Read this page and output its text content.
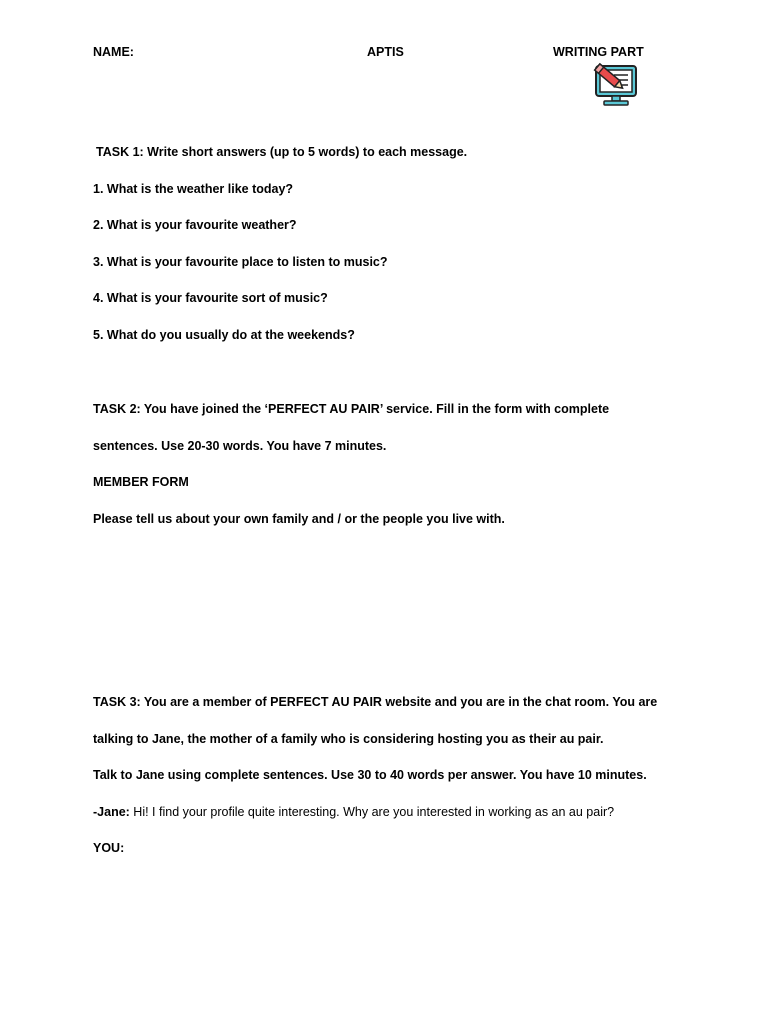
NAME:	APTIS	WRITING PART
TASK 1: Write short answers (up to 5 words) to each message.
1. What is the weather like today?
2. What is your favourite weather?
3. What is your favourite place to listen to music?
4. What is your favourite sort of music?
5. What do you usually do at the weekends?
TASK 2: You have joined the ‘PERFECT AU PAIR’ service. Fill in the form with complete
sentences. Use 20-30 words. You have 7 minutes.
MEMBER FORM
Please tell us about your own family and / or the people you live with.
TASK 3: You are a member of PERFECT AU PAIR website and you are in the chat room. You are
talking to Jane, the mother of a family who is considering hosting you as their au pair.
Talk to Jane using complete sentences. Use 30 to 40 words per answer. You have 10 minutes.
-Jane: Hi! I find your profile quite interesting. Why are you interested in working as an au pair?
YOU:
